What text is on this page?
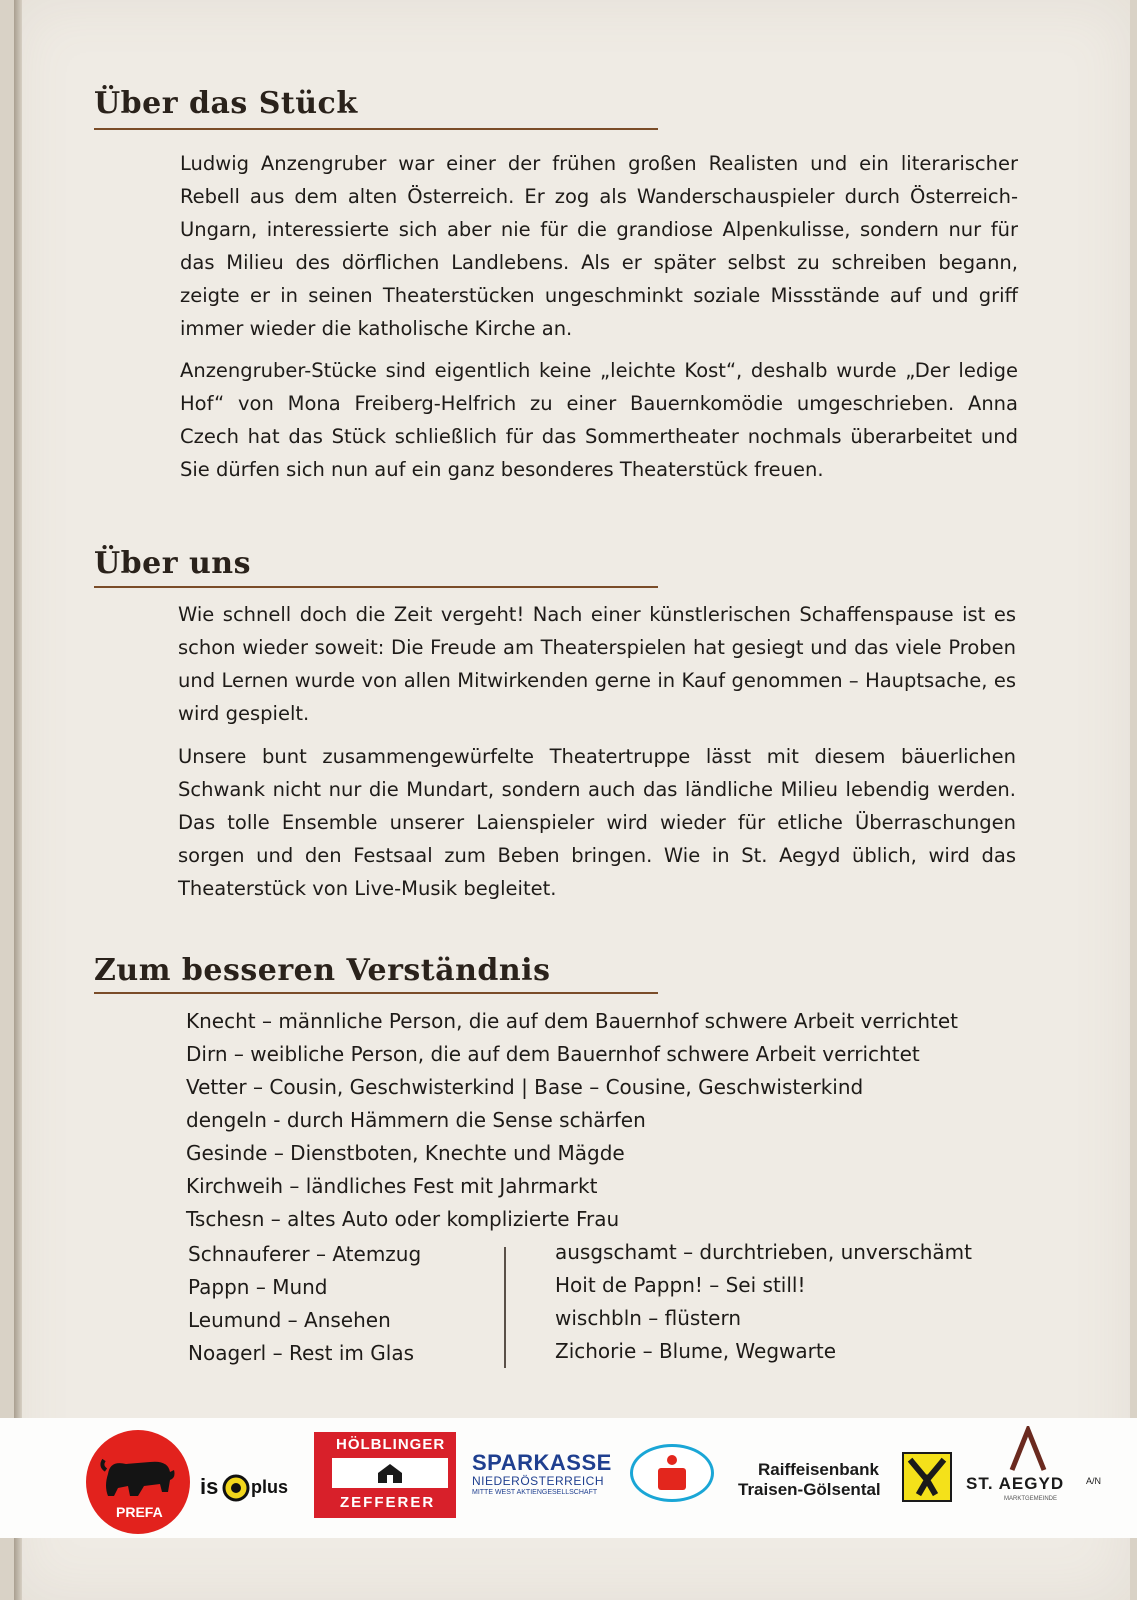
Über das Stück

Ludwig Anzengruber war einer der frühen großen Realisten und ein literarischer Rebell aus dem alten Österreich. Er zog als Wanderschauspieler durch Österreich-Ungarn, interessierte sich aber nie für die grandiose Alpenkulisse, sondern nur für das Milieu des dörflichen Landlebens. Als er später selbst zu schreiben begann, zeigte er in seinen Theaterstücken ungeschminkt soziale Missstände auf und griff immer wieder die katholische Kirche an.

Anzengruber-Stücke sind eigentlich keine „leichte Kost“, deshalb wurde „Der ledige Hof“ von Mona Freiberg-Helfrich zu einer Bauernkomödie umgeschrieben. Anna Czech hat das Stück schließlich für das Sommertheater nochmals überarbeitet und Sie dürfen sich nun auf ein ganz besonderes Theaterstück freuen.

Über uns

Wie schnell doch die Zeit vergeht! Nach einer künstlerischen Schaffenspause ist es schon wieder soweit: Die Freude am Theaterspielen hat gesiegt und das viele Proben und Lernen wurde von allen Mitwirkenden gerne in Kauf genommen – Hauptsache, es wird gespielt.

Unsere bunt zusammengewürfelte Theatertruppe lässt mit diesem bäuerlichen Schwank nicht nur die Mundart, sondern auch das ländliche Milieu lebendig werden. Das tolle Ensemble unserer Laienspieler wird wieder für etliche Überraschungen sorgen und den Festsaal zum Beben bringen. Wie in St. Aegyd üblich, wird das Theaterstück von Live-Musik begleitet.

Zum besseren Verständnis

Knecht – männliche Person, die auf dem Bauernhof schwere Arbeit verrichtet

Dirn – weibliche Person, die auf dem Bauernhof schwere Arbeit verrichtet

Vetter – Cousin, Geschwisterkind | Base – Cousine, Geschwisterkind

dengeln - durch Hämmern die Sense schärfen

Gesinde – Dienstboten, Knechte und Mägde

Kirchweih – ländliches Fest mit Jahrmarkt

Tschesn – altes Auto oder komplizierte Frau

Schnauferer – Atemzug

Pappn – Mund

Leumund – Ansehen

Noagerl – Rest im Glas

ausgschamt – durchtrieben, unverschämt

Hoit de Pappn! – Sei still!

wischbln – flüstern

Zichorie – Blume, Wegwarte

PREFA
is plus
HÖLBLINGER
ZEFFERER
SPARKASSE
NIEDERÖSTERREICH
MITTE WEST AKTIENGESELLSCHAFT
Raiffeisenbank
Traisen-Gölsental	ST. AEGYD A/N
MARKTGEMEINDE
